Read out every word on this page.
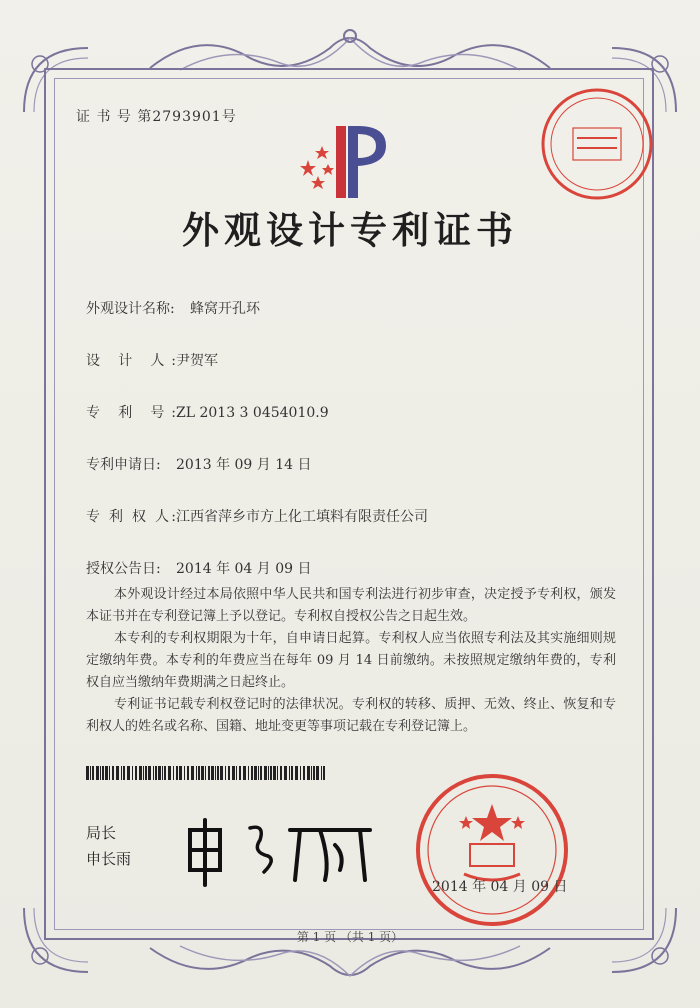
证 书 号 第2793901号
外观设计专利证书
外观设计名称: 蜂窝开孔环
设 计 人:尹贺军
专 利 号:ZL 2013 3 0454010.9
专利申请日: 2013 年 09 月 14 日
专 利 权 人:江西省萍乡市方上化工填料有限责任公司
授权公告日: 2014 年 04 月 09 日

本外观设计经过本局依照中华人民共和国专利法进行初步审查，决定授予专利权，颁发本证书并在专利登记簿上予以登记。专利权自授权公告之日起生效。

本专利的专利权期限为十年，自申请日起算。专利权人应当依照专利法及其实施细则规定缴纳年费。本专利的年费应当在每年 09 月 14 日前缴纳。未按照规定缴纳年费的，专利权自应当缴纳年费期满之日起终止。

专利证书记载专利权登记时的法律状况。专利权的转移、质押、无效、终止、恢复和专利权人的姓名或名称、国籍、地址变更等事项记载在专利登记簿上。

局长
申长雨
2014 年 04 月 09 日
第 1 页 （共 1 页）
